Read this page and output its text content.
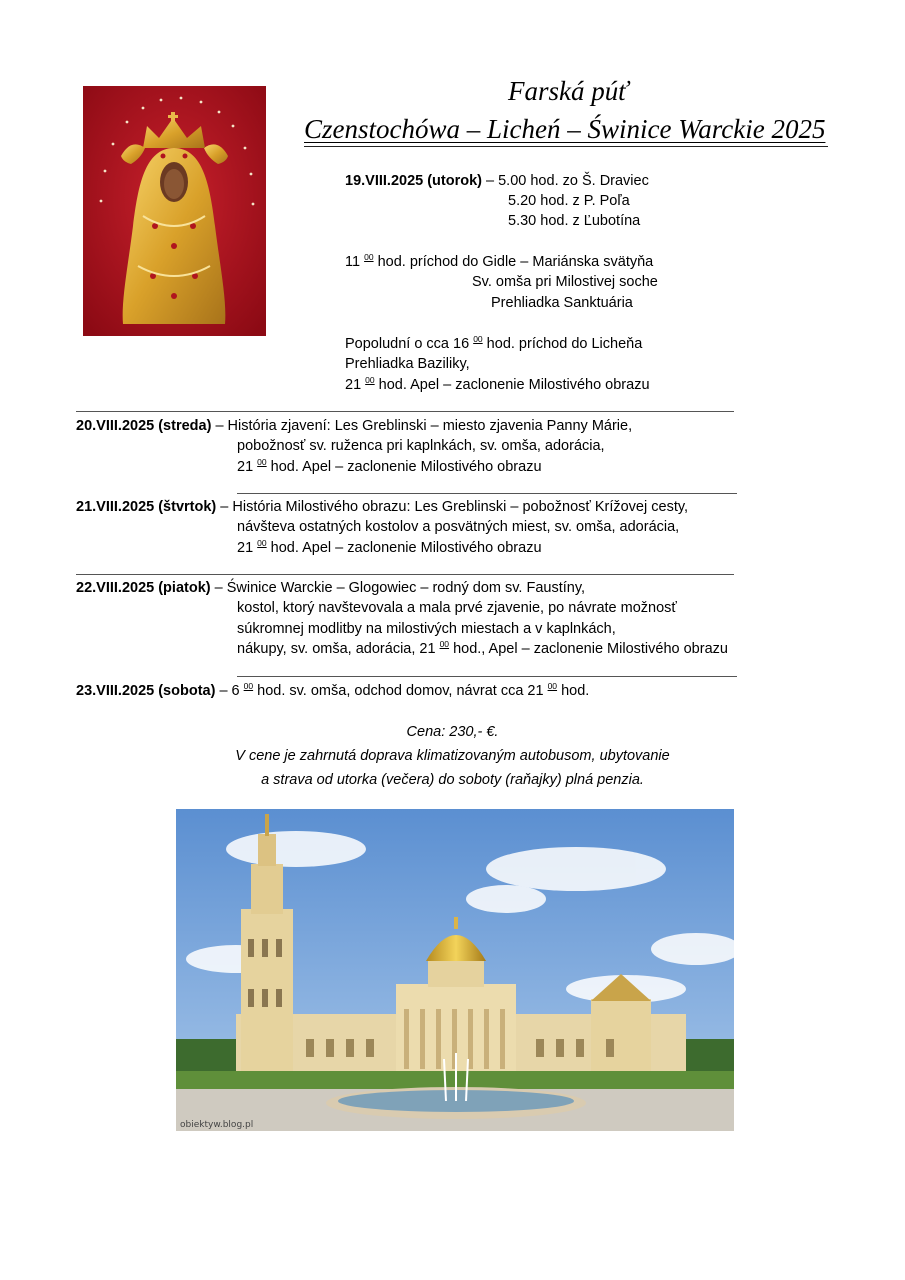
Farská púť
Czenstochówa – Licheń – Świnice Warckie 2025
19.VIII.2025 (utorok) – 5.00 hod. zo Š. Draviec
5.20 hod. z P. Poľa
5.30 hod. z Ľubotína
11 $^{00}$ hod. príchod do Gidle – Mariánska svätyňa
Sv. omša pri Milostivej soche
Prehliadka Sanktuária
Popoludní o cca 16 $^{00}$ hod. príchod do Licheňa
Prehliadka Baziliky,
21 $^{00}$ hod. Apel – zaclonenie Milostivého obrazu
20.VIII.2025 (streda) – História zjavení: Les Greblinski – miesto zjavenia Panny Márie,
pobožnosť sv. ruženca pri kaplnkách, sv. omša, adorácia,
21 $^{00}$ hod. Apel – zaclonenie Milostivého obrazu
21.VIII.2025 (štvrtok) – História Milostivého obrazu: Les Greblinski – pobožnosť Krížovej cesty,
návšteva ostatných kostolov a posvätných miest, sv. omša, adorácia,
21 $^{00}$ hod. Apel – zaclonenie Milostivého obrazu
22.VIII.2025 (piatok) – Świnice Warckie – Glogowiec – rodný dom sv. Faustíny,
kostol, ktorý navštevovala a mala prvé zjavenie, po návrate možnosť
súkromnej modlitby na milostivých miestach a v kaplnkách,
nákupy, sv. omša, adorácia, 21 $^{00}$ hod., Apel – zaclonenie Milostivého obrazu
23.VIII.2025 (sobota) – 6 $^{00}$ hod. sv. omša, odchod domov, návrat cca 21 $^{00}$ hod.
Cena: 230,- €.
V cene je zahrnutá doprava klimatizovaným autobusom, ubytovanie
a strava od utorka (večera) do soboty (raňajky) plná penzia.
obiektyw.blog.pl
